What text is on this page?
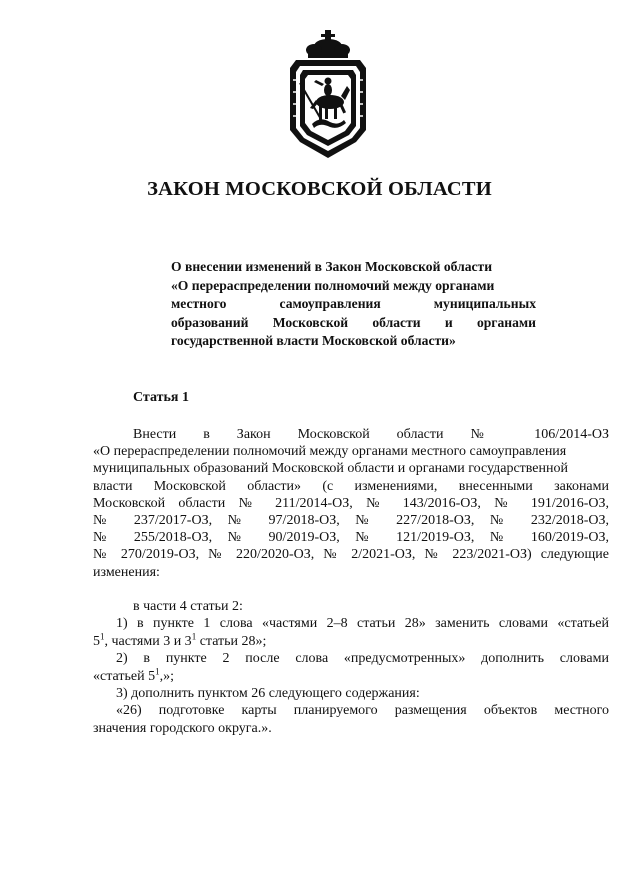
ЗАКОН МОСКОВСКОЙ ОБЛАСТИ
О внесении изменений в Закон Московской области
«О перераспределении полномочий между органами
местного самоуправления муниципальных
образований Московской области и органами
государственной власти Московской области»
Статья 1
Внести в Закон Московской области № 106/2014-ОЗ
«О перераспределении полномочий между органами местного самоуправления
муниципальных образований Московской области и органами государственной
власти Московской области» (с изменениями, внесенными законами
Московской области № 211/2014-ОЗ, № 143/2016-ОЗ, № 191/2016-ОЗ,
№ 237/2017-ОЗ, № 97/2018-ОЗ, № 227/2018-ОЗ, № 232/2018-ОЗ,
№ 255/2018-ОЗ, № 90/2019-ОЗ, № 121/2019-ОЗ, № 160/2019-ОЗ,
№ 270/2019-ОЗ, № 220/2020-ОЗ, № 2/2021-ОЗ, № 223/2021-ОЗ) следующие
изменения:
в части 4 статьи 2:
1) в пункте 1 слова «частями 2–8 статьи 28» заменить словами «статьей
$5^1$, частями 3 и $3^1$ статьи 28»;
2) в пункте 2 после слова «предусмотренных» дополнить словами
«статьей $5^1$,»;
3) дополнить пунктом 26 следующего содержания:
«26) подготовке карты планируемого размещения объектов местного
значения городского округа.».
